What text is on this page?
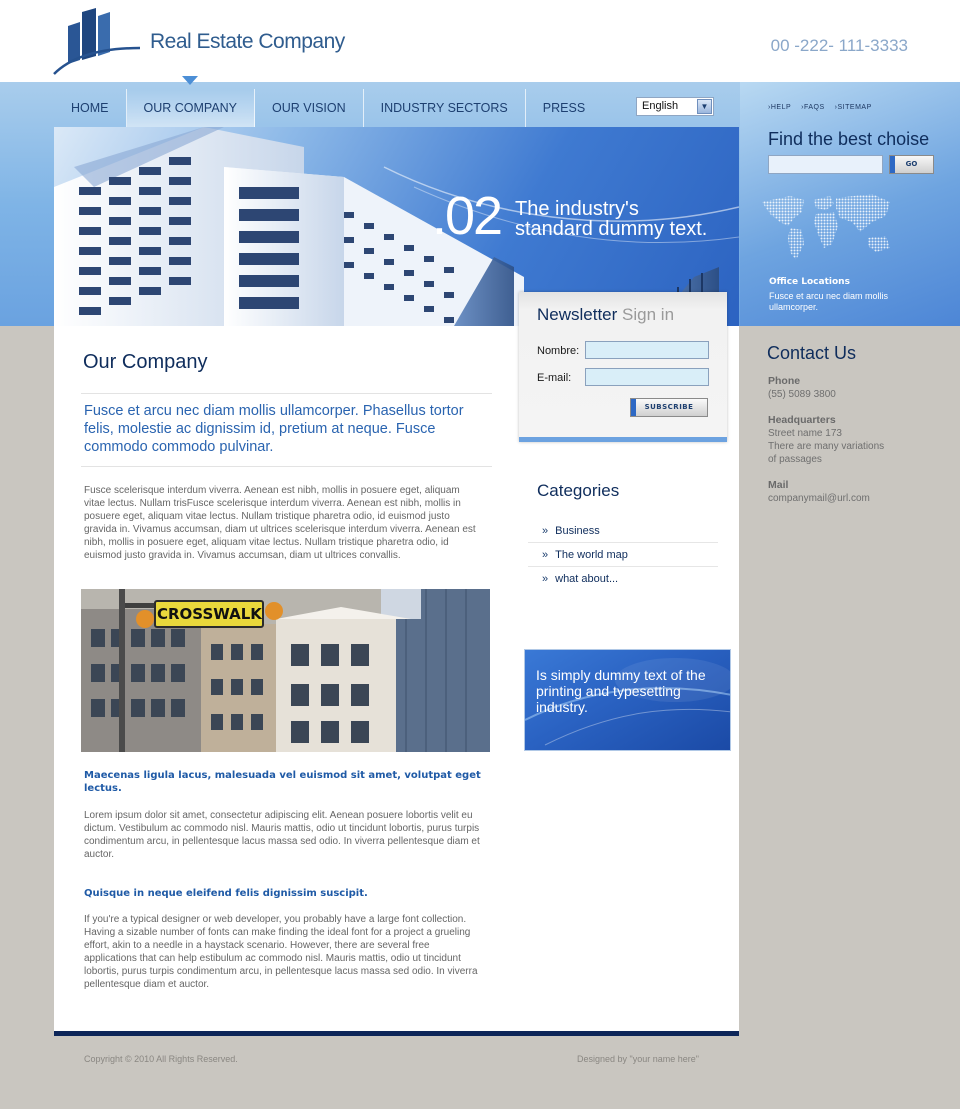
Real Estate Company	00 -222- 111-3333
HOME	OUR COMPANY	OUR VISION	INDUSTRY SECTORS	PRESS	English	▼	› HELP	› FAQS	› SITEMAP
.02 The industry's
standard dummy text.
Find the best choise
GO
Office Locations
Fusce et arcu nec diam mollis ullamcorper.
Our Company
Fusce et arcu nec diam mollis ullamcorper. Phasellus tortor felis, molestie ac dignissim id, pretium at neque. Fusce commodo commodo pulvinar.
Fusce scelerisque interdum viverra. Aenean est nibh, mollis in posuere eget, aliquam vitae lectus. Nullam trisFusce scelerisque interdum viverra. Aenean est nibh, mollis in posuere eget, aliquam vitae lectus. Nullam tristique pharetra odio, id euismod justo gravida in. Vivamus accumsan, diam ut ultrices scelerisque interdum viverra. Aenean est nibh, mollis in posuere eget, aliquam vitae lectus. Nullam tristique pharetra odio, id euismod justo gravida in. Vivamus accumsan, diam ut ultrices convallis.
CROSSWALK
Maecenas ligula lacus, malesuada vel euismod sit amet, volutpat eget lectus.
Lorem ipsum dolor sit amet, consectetur adipiscing elit. Aenean posuere lobortis velit eu dictum. Vestibulum ac commodo nisl. Mauris mattis, odio ut tincidunt lobortis, purus turpis condimentum arcu, in pellentesque lacus massa sed odio. In viverra pellentesque diam et auctor.
Quisque in neque eleifend felis dignissim suscipit.
If you're a typical designer or web developer, you probably have a large font collection. Having a sizable number of fonts can make finding the ideal font for a project a grueling effort, akin to a needle in a haystack scenario. However, there are several free applications that can help estibulum ac commodo nisl. Mauris mattis, odio ut tincidunt lobortis, purus turpis condimentum arcu, in pellentesque lacus massa sed odio. In viverra pellentesque diam et auctor.
Newsletter Sign in
Nombre:
E-mail:
SUBSCRIBE
Categories
» Business
» The world map
» what about...
Is simply dummy text of the printing and typesetting industry.
Contact Us
Phone
(55) 5089 3800
Headquarters
Street name 173
There are many variations
of passages
Mail
companymail@url.com
Copyright © 2010 All Rights Reserved.	Designed by "your name here"
